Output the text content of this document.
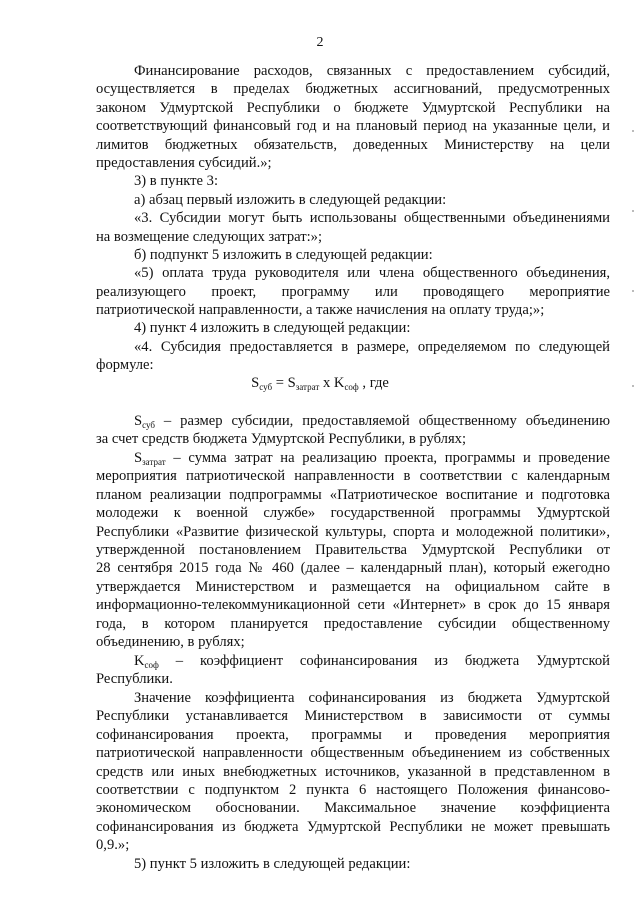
2

Финансирование расходов, связанных с предоставлением субсидий,

осуществляется в пределах бюджетных ассигнований, предусмотренных

законом Удмуртской Республики о бюджете Удмуртской Республики на

соответствующий финансовый год и на плановый период на указанные цели, и

лимитов бюджетных обязательств, доведенных Министерству на цели

предоставления субсидий.»;

3) в пункте 3:

а) абзац первый изложить в следующей редакции:

«3. Субсидии могут быть использованы общественными объединениями

на возмещение следующих затрат:»;

б) подпункт 5 изложить в следующей редакции:

«5) оплата труда руководителя или члена общественного объединения,

реализующего проект, программу или проводящего мероприятие

патриотической направленности, а также начисления на оплату труда;»;

4) пункт 4 изложить в следующей редакции:

«4. Субсидия предоставляется в размере, определяемом по следующей

формуле:

$S_{суб} = S_{затрат}$ x $K_{соф}$ , где

$S_{суб}$ – размер субсидии, предоставляемой общественному объединению

за счет средств бюджета Удмуртской Республики, в рублях;

$S_{затрат}$ – сумма затрат на реализацию проекта, программы и проведение

мероприятия патриотической направленности в соответствии с календарным

планом реализации подпрограммы «Патриотическое воспитание и подготовка

молодежи к военной службе» государственной программы Удмуртской

Республики «Развитие физической культуры, спорта и молодежной политики»,

утвержденной постановлением Правительства Удмуртской Республики от

28 сентября 2015 года № 460 (далее – календарный план), который ежегодно

утверждается Министерством и размещается на официальном сайте в

информационно-телекоммуникационной сети «Интернет» в срок до 15 января

года, в котором планируется предоставление субсидии общественному

объединению, в рублях;

$K_{соф}$ – коэффициент софинансирования из бюджета Удмуртской

Республики.

Значение коэффициента софинансирования из бюджета Удмуртской

Республики устанавливается Министерством в зависимости от суммы

софинансирования проекта, программы и проведения мероприятия

патриотической направленности общественным объединением из собственных

средств или иных внебюджетных источников, указанной в представленном в

соответствии с подпунктом 2 пункта 6 настоящего Положения финансово-

экономическом обосновании. Максимальное значение коэффициента

софинансирования из бюджета Удмуртской Республики не может превышать

0,9.»;

5) пункт 5 изложить в следующей редакции:
